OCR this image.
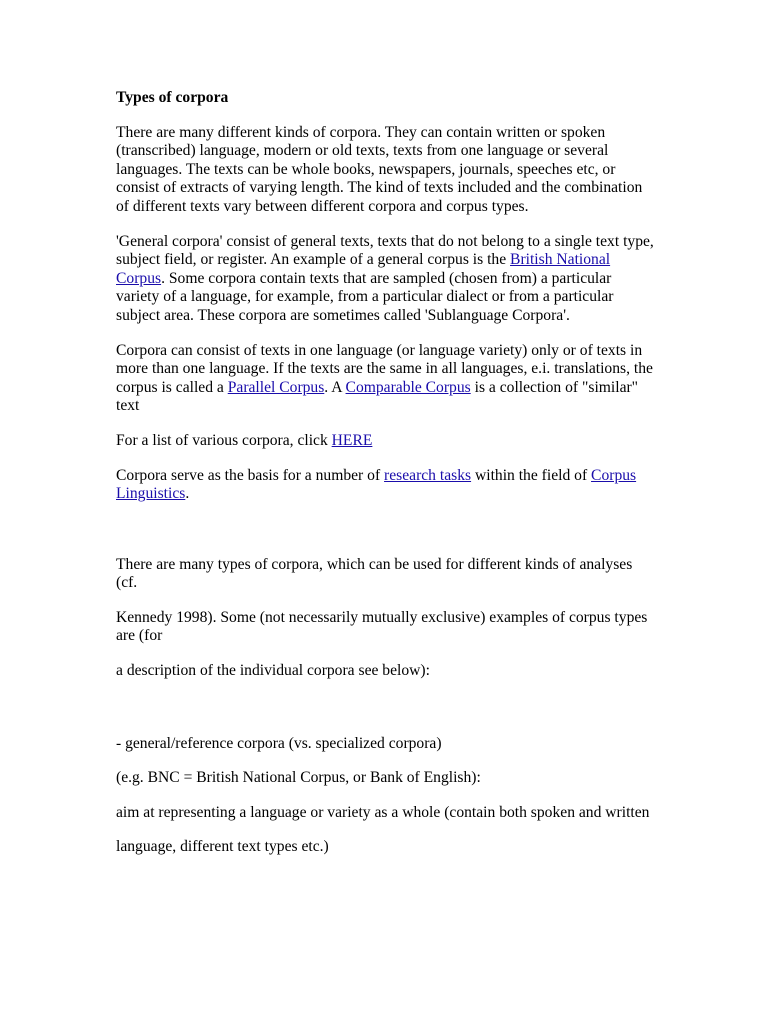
Types of corpora

There are many different kinds of corpora. They can contain written or spoken (transcribed) language, modern or old texts, texts from one language or several languages. The texts can be whole books, newspapers, journals, speeches etc, or consist of extracts of varying length. The kind of texts included and the combination of different texts vary between different corpora and corpus types.

'General corpora' consist of general texts, texts that do not belong to a single text type, subject field, or register. An example of a general corpus is the British National Corpus. Some corpora contain texts that are sampled (chosen from) a particular variety of a language, for example, from a particular dialect or from a particular subject area. These corpora are sometimes called 'Sublanguage Corpora'.

Corpora can consist of texts in one language (or language variety) only or of texts in more than one language. If the texts are the same in all languages, e.i. translations, the corpus is called a Parallel Corpus. A Comparable Corpus is a collection of "similar" text

For a list of various corpora, click HERE

Corpora serve as the basis for a number of research tasks within the field of Corpus Linguistics.

There are many types of corpora, which can be used for different kinds of analyses (cf.

Kennedy 1998). Some (not necessarily mutually exclusive) examples of corpus types are (for

a description of the individual corpora see below):

- general/reference corpora (vs. specialized corpora)

(e.g. BNC = British National Corpus, or Bank of English):

aim at representing a language or variety as a whole (contain both spoken and written

language, different text types etc.)
